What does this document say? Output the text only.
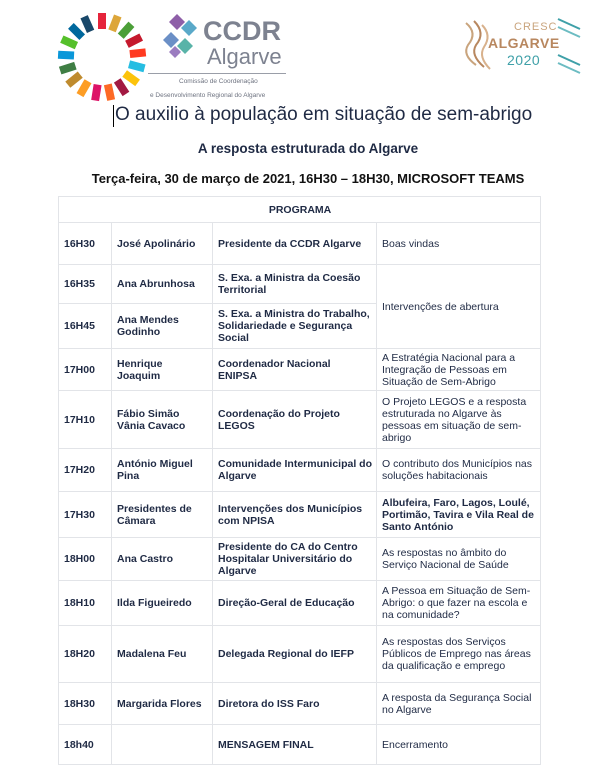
CCDR
Algarve
Comissão de Coordenação
e Desenvolvimento Regional do Algarve
CRESC
ALGARVE
2020
O auxilio à população em situação de sem-abrigo
A resposta estruturada do Algarve
Terça-feira, 30 de março de 2021, 16H30 – 18H30, MICROSOFT TEAMS
PROGRAMA			
16H30	José Apolinário	Presidente da CCDR Algarve	Boas vindas
16H35	Ana Abrunhosa	S. Exa. a Ministra da Coesão Territorial	Intervenções de abertura
16H45	Ana Mendes Godinho	S. Exa. a Ministra do Trabalho, Solidariedade e Segurança Social	
17H00	Henrique Joaquim	Coordenador Nacional ENIPSA	A Estratégia Nacional para a Integração de Pessoas em Situação de Sem-Abrigo
17H10	Fábio Simão Vânia Cavaco	Coordenação do Projeto LEGOS	O Projeto LEGOS e a resposta estruturada no Algarve às pessoas em situação de sem-abrigo
17H20	António Miguel Pina	Comunidade Intermunicipal do Algarve	O contributo dos Municípios nas soluções habitacionais
17H30	Presidentes de Câmara	Intervenções dos Municípios com NPISA	Albufeira, Faro, Lagos, Loulé, Portimão, Tavira e Vila Real de Santo António
18H00	Ana Castro	Presidente do CA do Centro Hospitalar Universitário do Algarve	As respostas no âmbito do Serviço Nacional de Saúde
18H10	Ilda Figueiredo	Direção-Geral de Educação	A Pessoa em Situação de Sem-Abrigo: o que fazer na escola e na comunidade?
18H20	Madalena Feu	Delegada Regional do IEFP	As respostas dos Serviços Públicos de Emprego nas áreas da qualificação e emprego
18H30	Margarida Flores	Diretora do ISS Faro	A resposta da Segurança Social no Algarve
18h40		MENSAGEM FINAL	Encerramento
